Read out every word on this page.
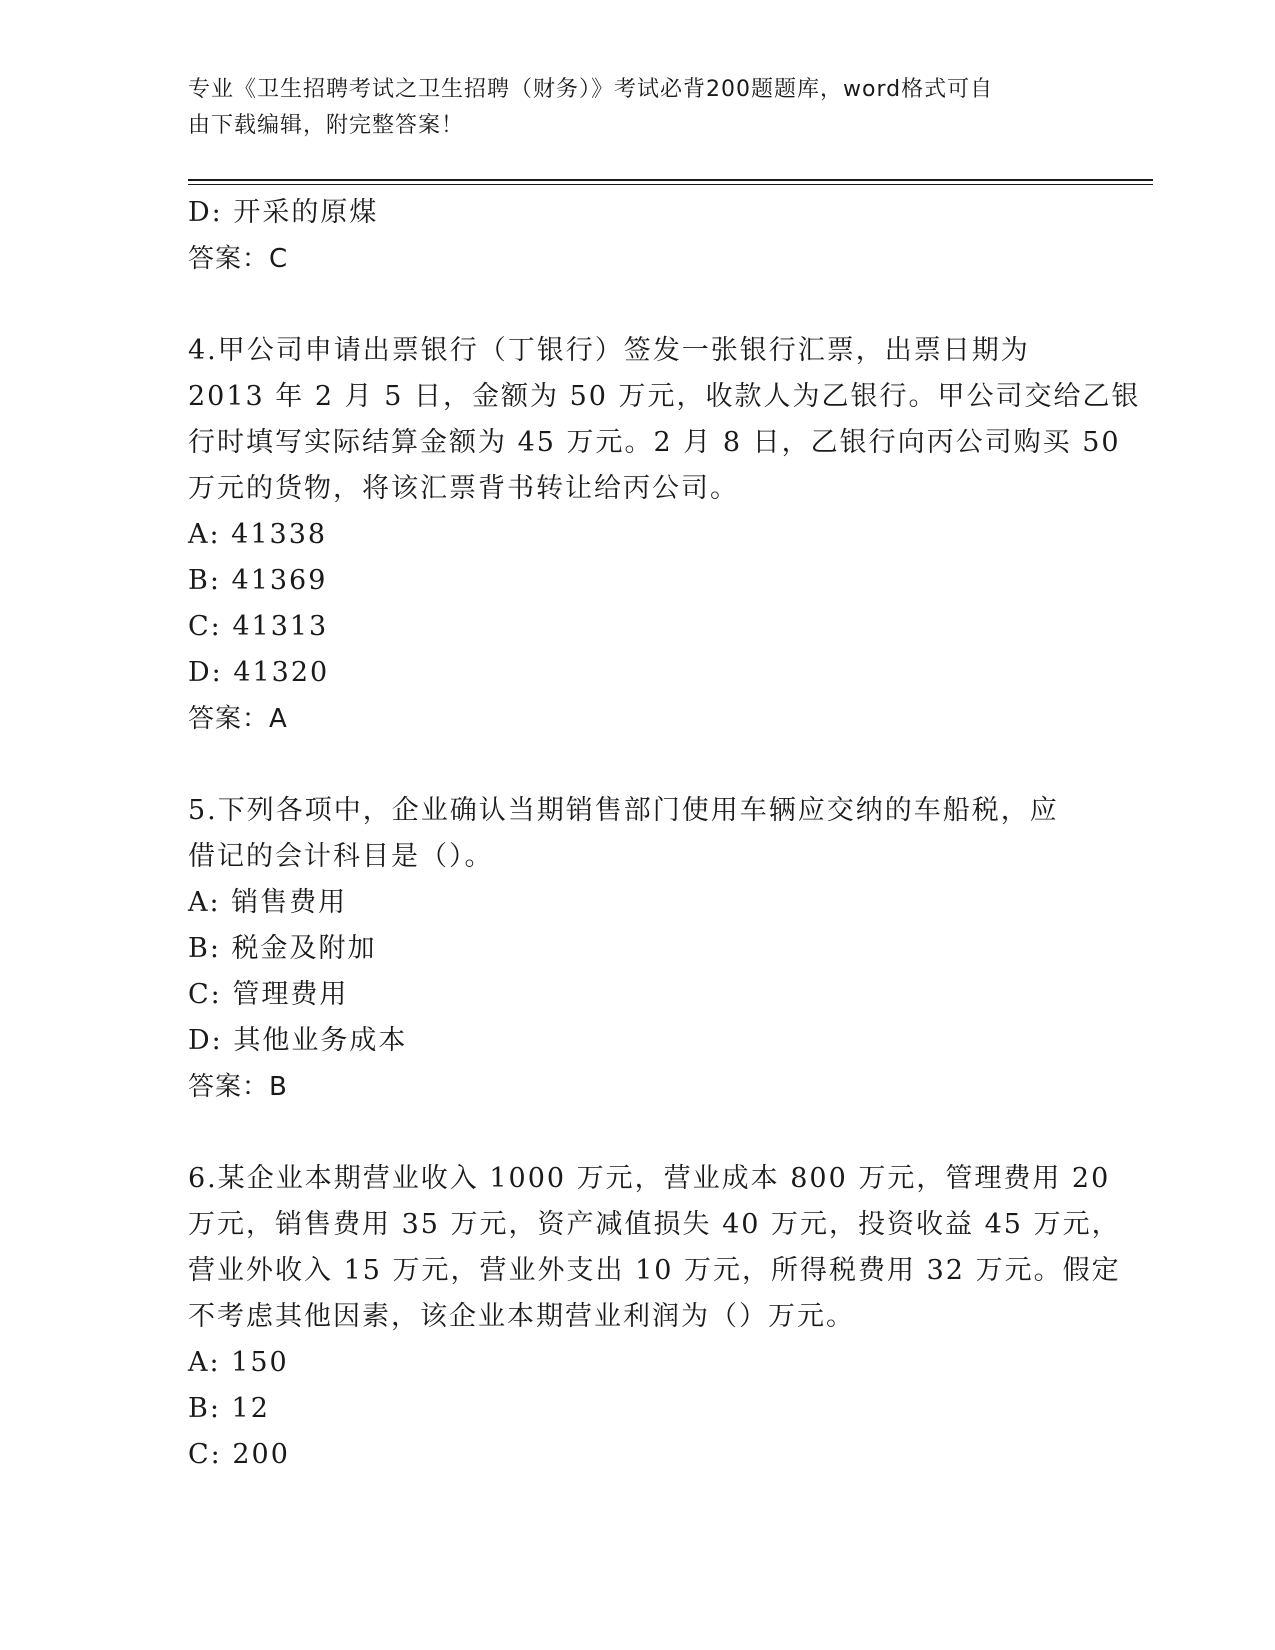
专业《卫生招聘考试之卫生招聘（财务）》考试必背200题题库，word格式可自
由下载编辑，附完整答案！
D: 开采的原煤
答案：C
4.甲公司申请出票银行（丁银行）签发一张银行汇票，出票日期为
2013 年 2 月 5 日，金额为 50 万元，收款人为乙银行。甲公司交给乙银
行时填写实际结算金额为 45 万元。2 月 8 日，乙银行向丙公司购买 50
万元的货物，将该汇票背书转让给丙公司。
A: 41338
B: 41369
C: 41313
D: 41320
答案：A
5.下列各项中，企业确认当期销售部门使用车辆应交纳的车船税，应
借记的会计科目是（）。
A: 销售费用
B: 税金及附加
C: 管理费用
D: 其他业务成本
答案：B
6.某企业本期营业收入 1000 万元，营业成本 800 万元，管理费用 20
万元，销售费用 35 万元，资产减值损失 40 万元，投资收益 45 万元，
营业外收入 15 万元，营业外支出 10 万元，所得税费用 32 万元。假定
不考虑其他因素，该企业本期营业利润为（）万元。
A: 150
B: 12
C: 200
